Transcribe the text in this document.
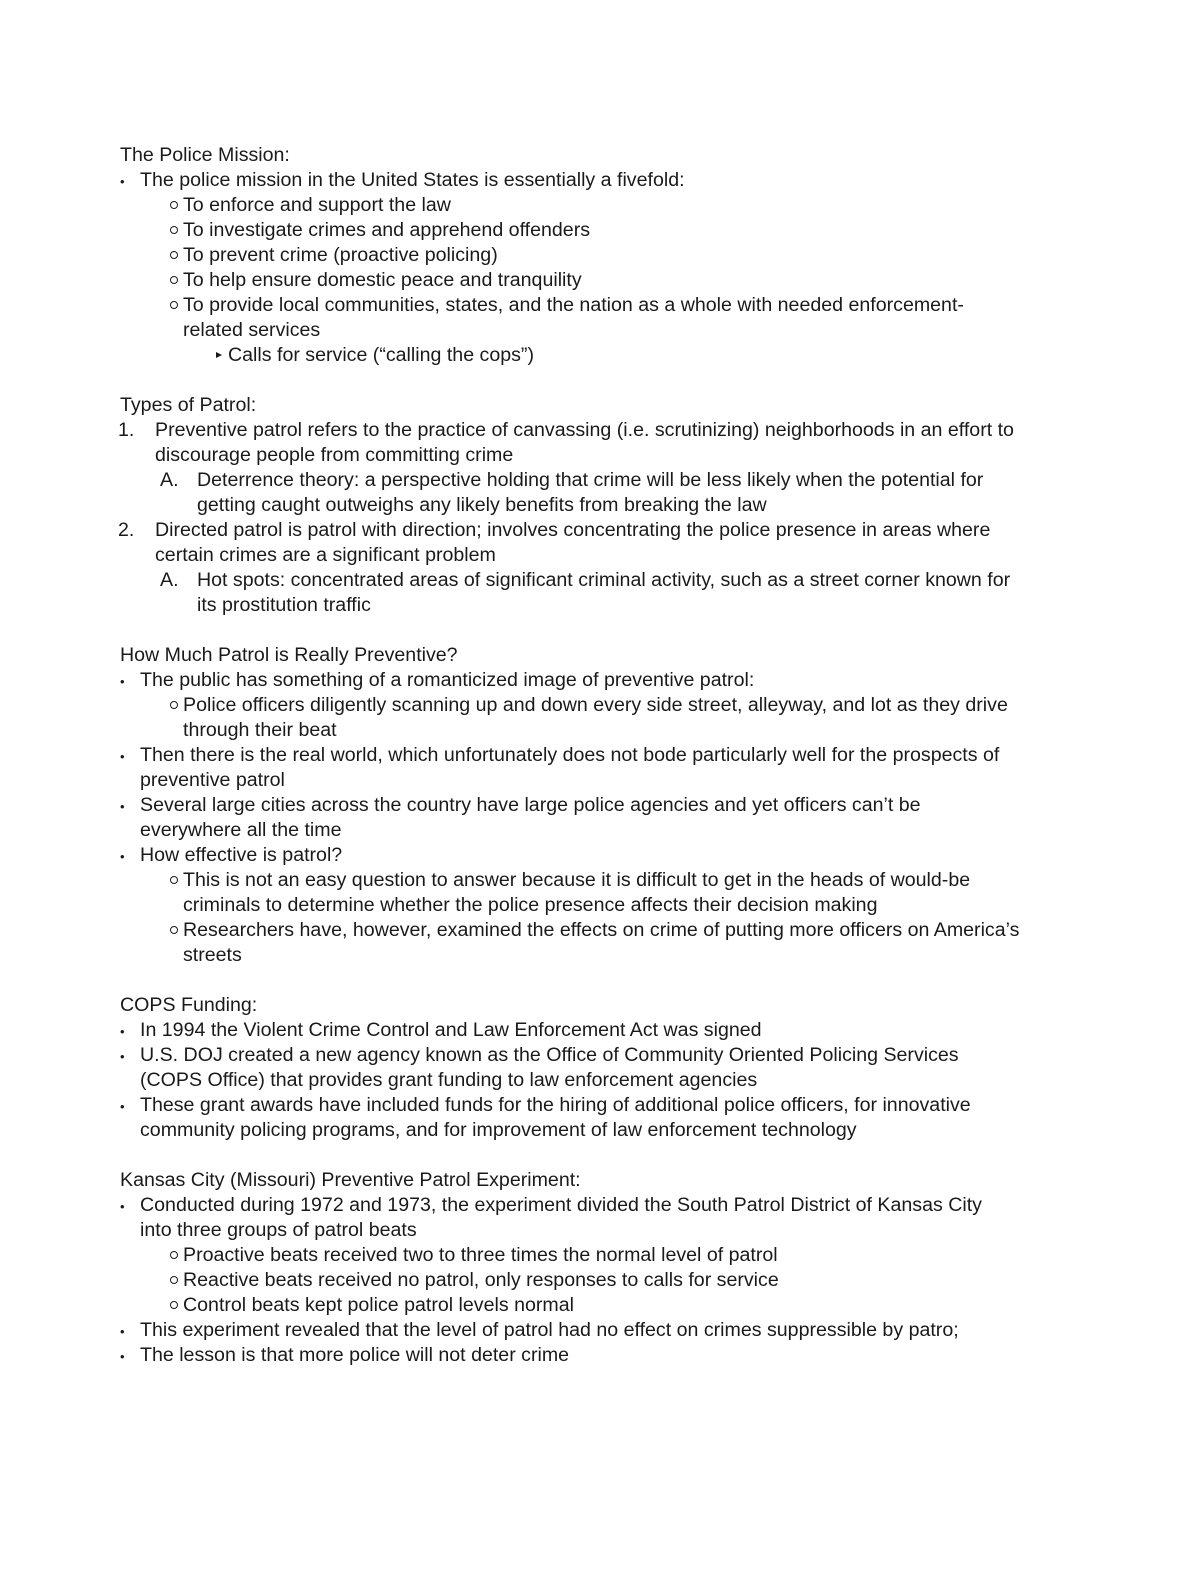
The Police Mission:
• The police mission in the United States is essentially a fivefold:
To enforce and support the law
To investigate crimes and apprehend offenders
To prevent crime (proactive policing)
To help ensure domestic peace and tranquility
To provide local communities, states, and the nation as a whole with needed enforcement-
related services
Calls for service (“calling the cops”)
Types of Patrol:
1. Preventive patrol refers to the practice of canvassing (i.e. scrutinizing) neighborhoods in an effort to
discourage people from committing crime
A. Deterrence theory: a perspective holding that crime will be less likely when the potential for
getting caught outweighs any likely benefits from breaking the law
2. Directed patrol is patrol with direction; involves concentrating the police presence in areas where
certain crimes are a significant problem
A. Hot spots: concentrated areas of significant criminal activity, such as a street corner known for
its prostitution traffic
How Much Patrol is Really Preventive?
• The public has something of a romanticized image of preventive patrol:
Police officers diligently scanning up and down every side street, alleyway, and lot as they drive
through their beat
• Then there is the real world, which unfortunately does not bode particularly well for the prospects of
preventive patrol
• Several large cities across the country have large police agencies and yet officers can’t be
everywhere all the time
• How effective is patrol?
This is not an easy question to answer because it is difficult to get in the heads of would-be
criminals to determine whether the police presence affects their decision making
Researchers have, however, examined the effects on crime of putting more officers on America’s
streets
COPS Funding:
• In 1994 the Violent Crime Control and Law Enforcement Act was signed
• U.S. DOJ created a new agency known as the Office of Community Oriented Policing Services
(COPS Office) that provides grant funding to law enforcement agencies
• These grant awards have included funds for the hiring of additional police officers, for innovative
community policing programs, and for improvement of law enforcement technology
Kansas City (Missouri) Preventive Patrol Experiment:
• Conducted during 1972 and 1973, the experiment divided the South Patrol District of Kansas City
into three groups of patrol beats
Proactive beats received two to three times the normal level of patrol
Reactive beats received no patrol, only responses to calls for service
Control beats kept police patrol levels normal
• This experiment revealed that the level of patrol had no effect on crimes suppressible by patro;
• The lesson is that more police will not deter crime
